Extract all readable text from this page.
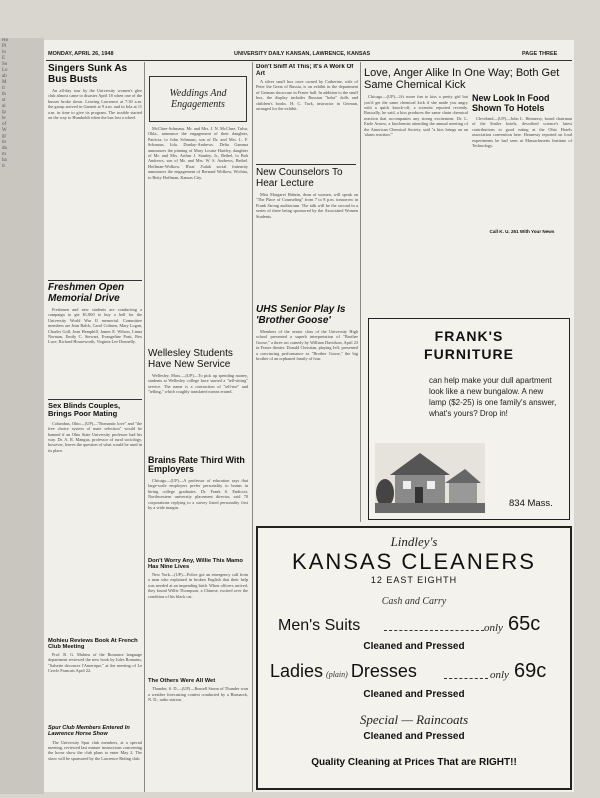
Ho
Pl
in
E
So
Lo
ab
M
tl
th
st
ai
ip
le
of
W
gr
m
da
m
ba
ti
MONDAY, APRIL 26, 1948	UNIVERSITY DAILY KANSAN, LAWRENCE, KANSAS	PAGE THREE
Singers Sunk As Bus Busts

An all-day tour by the University women's glee club almost came to disaster April 18 when one of the busses broke down. Leaving Lawrence at 7:30 a.m. the group arrived in Garnett at 9 a.m. and in Iola at 11 a.m. in time to give its program. The trouble started on the way to Humboldt when the bus lost a wheel.

Freshmen Open Memorial Drive

Freshmen and new students are conducting a campaign to get $1,800 to buy a bell for the University World War II memorial. Committee members are Jean Balch, Carol Colmen, Mary Logan, Charles Goll, Jean Hemphill, James E. Wilson, Linna Norman, Emily C. Stewart, Evangeline Pratt, Rex Luce, Richard Houseworth, Virginia Lee Donnelly.

Sex Blinds Couples, Brings Poor Mating

Columbus, Ohio—(UP)—"Romantic love" and "the free choice system of mate selection" would be banned if an Ohio State University professor had his way. Dr. A. R. Mangus, professor of rural sociology, however, leaves the question of what would be used in its place.

Mohieu Reviews Book At French Club Meeting

Prof. R. G. Mahieu of the Romance language department reviewed the new book by Jules Romains, "Salsette decouvre l'Amerique," at the meeting of Le Cercle Francais April 22.

Spur Club Members Entered In Lawrence Horse Show

The University Spur club members, at a special meeting, reviewed last minute instructions concerning the horse show the club plans to enter May 2. The show will be sponsored by the Lawrence Riding club.

Weddings And
Engagements

McClure-Schmaus. Mr. and Mrs. J. N. McClure, Tulsa, Okla., announce the engagement of their daughter, Patricia, to John Schmaus, son of Dr. and Mrs. L. F. Schmaus, Iola. Dunlay-Andrews. Delta Gamma announces the pinning of Mary Louise Hartley, daughter of Mr. and Mrs. Arthur J. Stanley, Jr., Bethel, to Bob Andrews, son of Mr. and Mrs. W. S. Andrews, Bethel. Hoffman-Wolkow. B'nai J'udah social fraternity announces the engagement of Bernard Wolkow, Wichita, to Betty Hoffman, Kansas City.

Wellesley Students Have New Service

Wellesley, Mass.—(UP)—To pick up spending money, students at Wellesley college have started a "tell-sitting" service. The name is a contraction of "tell-me" and "telling," which roughly translated means errand.

Brains Rate Third With Employers

Chicago—(UP)—A professor of education says that large-scale employers prefer personality to brains in hiring college graduates. Dr. Frank S. Endicott, Northwestern university placement director, said 70 corporations replying to a survey listed personality first by a wide margin.

Don't Worry Any, Willie This Mamo Has Nine Lives

New York—(UP)—Police got an emergency call from a man who explained in broken English that their help was needed at an impending birth. When officers arrived, they found Willie Thompson, a Chinese, excited over the condition of his black cat.

The Others Were All Wet

Thunder, S. D.—(UP)—Russell Storm of Thunder won a weather forecasting contest conducted by a Bismarck, N. D., radio station.

Don't Sniff At This; It's A Work Of Art

A silver snuff box once owned by Catherine, wife of Peter the Great of Russia, is on exhibit in the department of German showcase in Fraser hall. In addition to the snuff box, the display includes Russian "boba" dolls and children's books. H. C. Turk, instructor in German, arranged for the exhibit.

New Counselors To Hear Lecture

Miss Margaret Habein, dean of women, will speak on "The Place of Counseling" from 7 to 8 p.m. tomorrow in Frank Strong auditorium. The talk will be the second in a series of three being sponsored by the Associated Women Students.

UHS Senior Play Is 'Brother Goose'

Members of the senior class of the University High school presented a superb interpretation of "Brother Goose," a three act comedy by William Davidson, April 23 in Fraser theater. Donald Christian, playing Jeff, presented a convincing performance as "Brother Goose," the big brother of an orphaned family of four.

Love, Anger Alike In One Way; Both Get Same Chemical Kick

Chicago—(UP)—It's more fun to kiss a pretty girl but you'd get the same chemical kick if she made you angry with a quick knock-off, a scientist reported recently. Basically, he said, a kiss produces the same chain chemical reaction that accompanies any strong excitement. Dr. L. Earle Arnow, a biochemist attending the annual meeting of the American Chemical Society, said "a kiss brings on an 'alarm reaction.'"

New Look In Food Shown To Hotels

Cleveland—(UP)—John L. Hennessy, board chairman of the Statler hotels, described science's latest contributions to good eating at the Ohio Hotels association convention here. Hennessy reported on food experiments he had seen at Massachusetts Institute of Technology.

Call K. U. 251 With Your News
FRANK'S
FURNITURE
can help make your dull apartment look like a new bungalow. A new lamp ($2-25) is one family's answer, what's yours? Drop in!
834 Mass.
Lindley's
KANSAS CLEANERS
12 EAST EIGHTH
Cash and Carry
Men's Suits	only 65c
Cleaned and Pressed
Ladies (plain) Dresses	only 69c
Cleaned and Pressed
Special — Raincoats
Cleaned and Pressed
Quality Cleaning at Prices That are RIGHT!!
